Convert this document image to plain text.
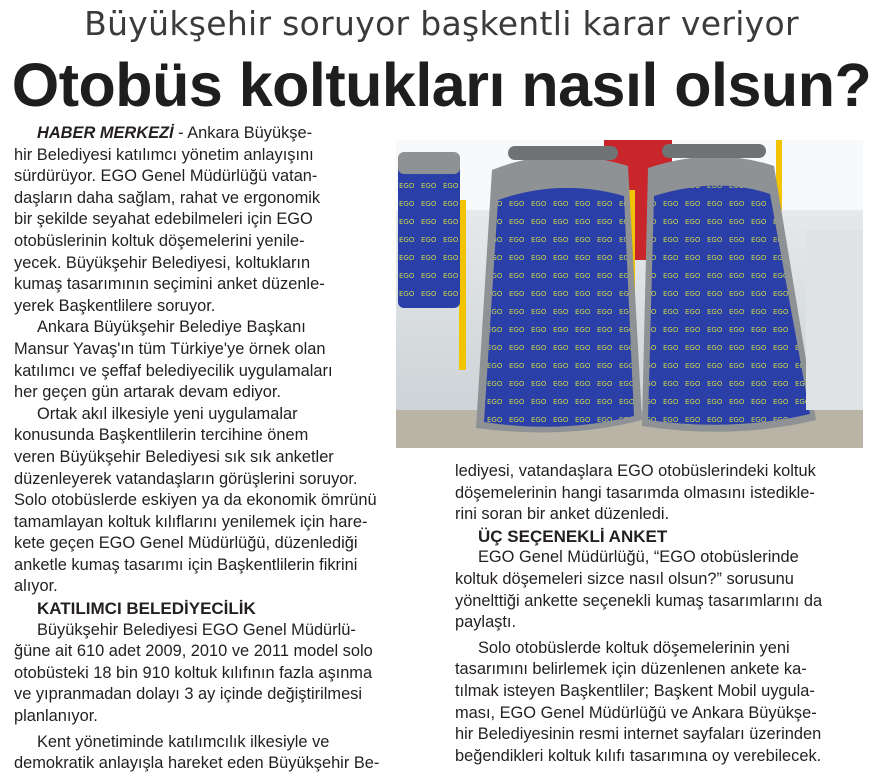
Büyükşehir soruyor başkentli karar veriyor
Otobüs koltukları nasıl olsun?

HABER MERKEZİ - Ankara Büyükşe-

hir Belediyesi katılımcı yönetim anlayışını

sürdürüyor. EGO Genel Müdürlüğü vatan-

daşların daha sağlam, rahat ve ergonomik

bir şekilde seyahat edebilmeleri için EGO

otobüslerinin koltuk döşemelerini yenile-

yecek. Büyükşehir Belediyesi, koltukların

kumaş tasarımının seçimini anket düzenle-

yerek Başkentlilere soruyor.

Ankara Büyükşehir Belediye Başkanı

Mansur Yavaş'ın tüm Türkiye'ye örnek olan

katılımcı ve şeffaf belediyecilik uygulamaları

her geçen gün artarak devam ediyor.

Ortak akıl ilkesiyle yeni uygulamalar

konusunda Başkentlilerin tercihine önem

veren Büyükşehir Belediyesi sık sık anketler

düzenleyerek vatandaşların görüşlerini soruyor.

Solo otobüslerde eskiyen ya da ekonomik ömrünü

tamamlayan koltuk kılıflarını yenilemek için hare-

kete geçen EGO Genel Müdürlüğü, düzenlediği

anketle kumaş tasarımı için Başkentlilerin fikrini

alıyor.

KATILIMCI BELEDİYECİLİK

Büyükşehir Belediyesi EGO Genel Müdürlü-

ğüne ait 610 adet 2009, 2010 ve 2011 model solo

otobüsteki 18 bin 910 koltuk kılıfının fazla aşınma

ve yıpranmadan dolayı 3 ay içinde değiştirilmesi

planlanıyor.

Kent yönetiminde katılımcılık ilkesiyle ve

demokratik anlayışla hareket eden Büyükşehir Be-

lediyesi, vatandaşlara EGO otobüslerindeki koltuk

döşemelerinin hangi tasarımda olmasını istedikle-

rini soran bir anket düzenledi.

ÜÇ SEÇENEKLİ ANKET

EGO Genel Müdürlüğü, “EGO otobüslerinde

koltuk döşemeleri sizce nasıl olsun?” sorusunu

yönelttiği ankette seçenekli kumaş tasarımlarını da

paylaştı.

Solo otobüslerde koltuk döşemelerinin yeni

tasarımını belirlemek için düzenlenen ankete ka-

tılmak isteyen Başkentliler; Başkent Mobil uygula-

ması, EGO Genel Müdürlüğü ve Ankara Büyükşe-

hir Belediyesinin resmi internet sayfaları üzerinden

beğendikleri koltuk kılıfı tasarımına oy verebilecek.
